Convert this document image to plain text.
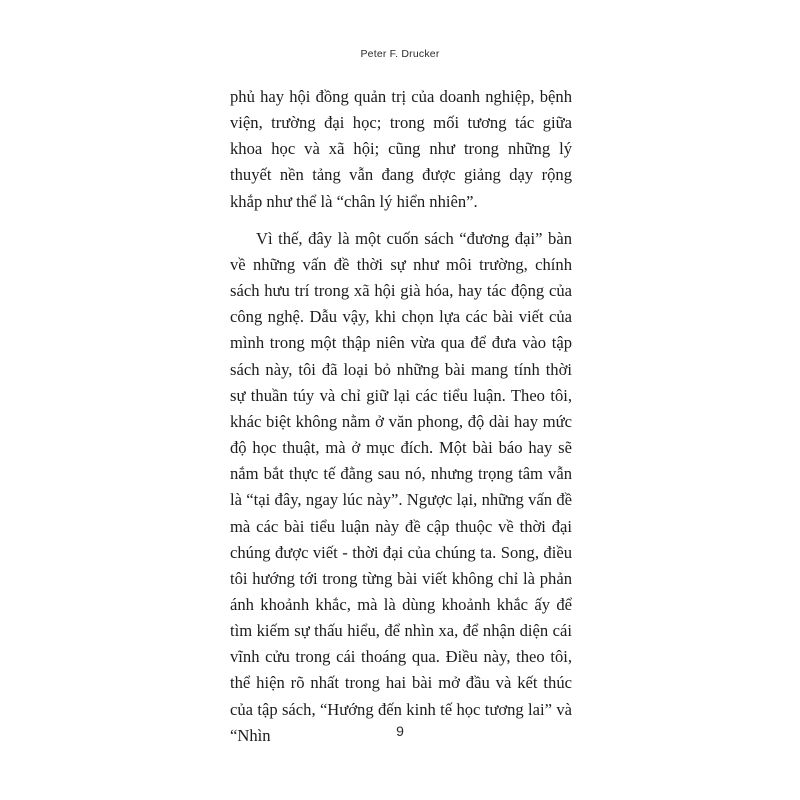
Peter F. Drucker

phủ hay hội đồng quản trị của doanh nghiệp, bệnh viện, trường đại học; trong mối tương tác giữa khoa học và xã hội; cũng như trong những lý thuyết nền tảng vẫn đang được giảng dạy rộng khắp như thể là “chân lý hiển nhiên”.

Vì thế, đây là một cuốn sách “đương đại” bàn về những vấn đề thời sự như môi trường, chính sách hưu trí trong xã hội già hóa, hay tác động của công nghệ. Dẫu vậy, khi chọn lựa các bài viết của mình trong một thập niên vừa qua để đưa vào tập sách này, tôi đã loại bỏ những bài mang tính thời sự thuần túy và chỉ giữ lại các tiểu luận. Theo tôi, khác biệt không nằm ở văn phong, độ dài hay mức độ học thuật, mà ở mục đích. Một bài báo hay sẽ nắm bắt thực tế đằng sau nó, nhưng trọng tâm vẫn là “tại đây, ngay lúc này”. Ngược lại, những vấn đề mà các bài tiểu luận này đề cập thuộc về thời đại chúng được viết - thời đại của chúng ta. Song, điều tôi hướng tới trong từng bài viết không chỉ là phản ánh khoảnh khắc, mà là dùng khoảnh khắc ấy để tìm kiếm sự thấu hiểu, để nhìn xa, để nhận diện cái vĩnh cửu trong cái thoáng qua. Điều này, theo tôi, thể hiện rõ nhất trong hai bài mở đầu và kết thúc của tập sách, “Hướng đến kinh tế học tương lai” và “Nhìn	9
